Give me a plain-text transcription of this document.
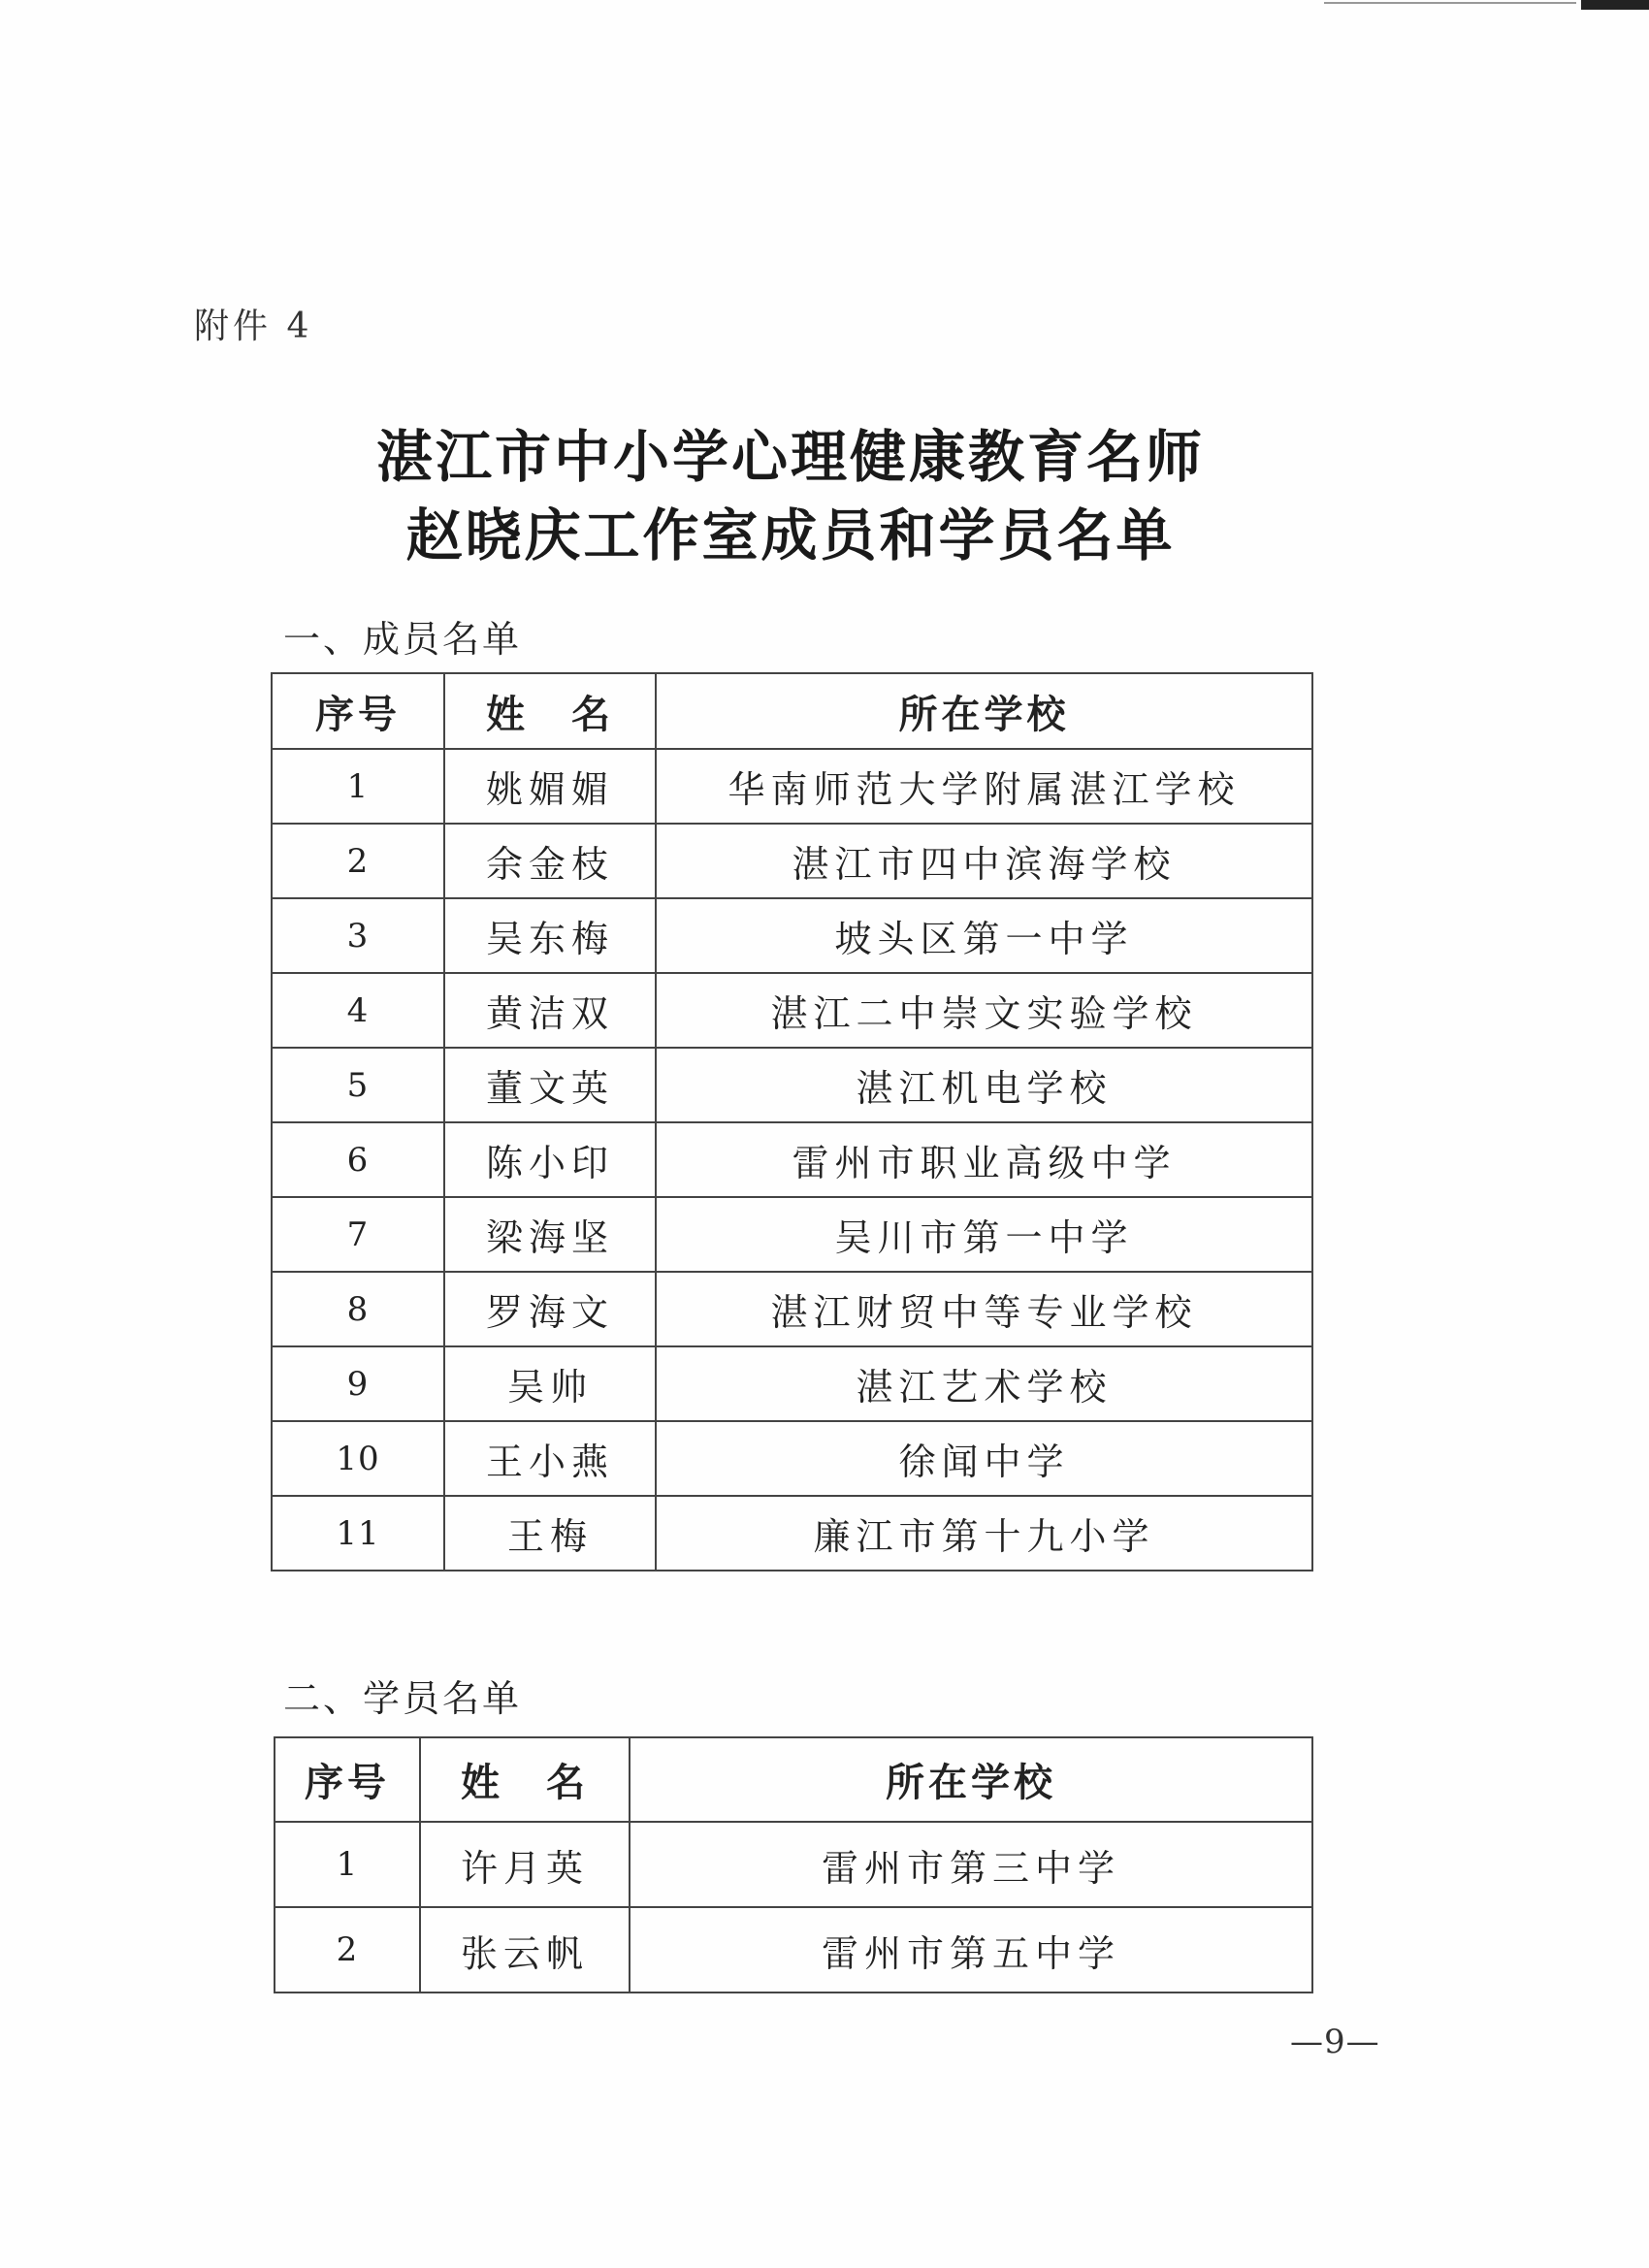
附件 4
湛江市中小学心理健康教育名师
赵晓庆工作室成员和学员名单
一、成员名单
序号	姓　名	所在学校
1	姚媚媚	华南师范大学附属湛江学校
2	余金枝	湛江市四中滨海学校
3	吴东梅	坡头区第一中学
4	黄洁双	湛江二中崇文实验学校
5	董文英	湛江机电学校
6	陈小印	雷州市职业高级中学
7	梁海坚	吴川市第一中学
8	罗海文	湛江财贸中等专业学校
9	吴帅	湛江艺术学校
10	王小燕	徐闻中学
11	王梅	廉江市第十九小学
二、学员名单
序号	姓　名	所在学校
1	许月英	雷州市第三中学
2	张云帆	雷州市第五中学
—9—
